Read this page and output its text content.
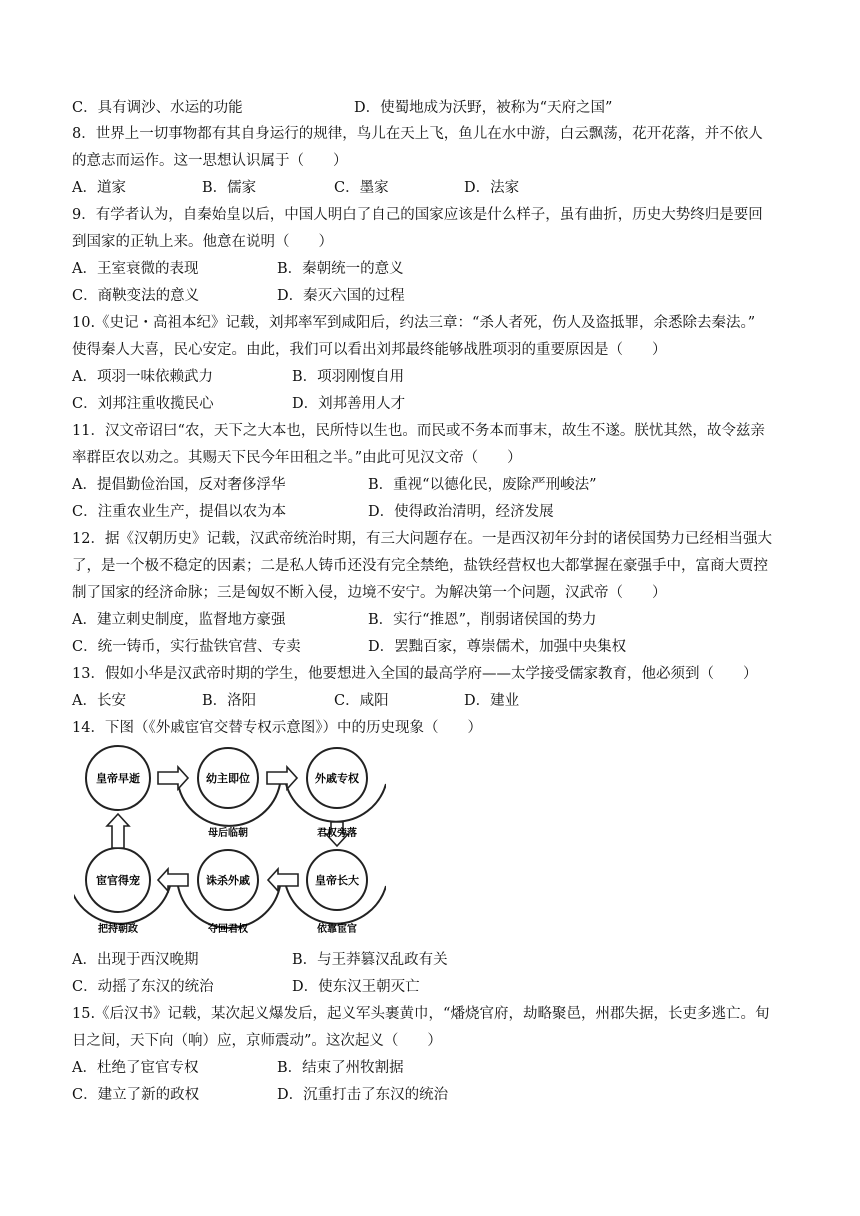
C．具有调沙、水运的功能	D．使蜀地成为沃野，被称为“天府之国”
8．世界上一切事物都有其自身运行的规律，鸟儿在天上飞，鱼儿在水中游，白云飘荡，花开花落，并不依人
的意志而运作。这一思想认识属于（　　）
A．道家	B．儒家	C．墨家	D．法家
9．有学者认为，自秦始皇以后，中国人明白了自己的国家应该是什么样子，虽有曲折，历史大势终归是要回
到国家的正轨上来。他意在说明（　　）
A．王室衰微的表现	B．秦朝统一的意义
C．商鞅变法的意义	D．秦灭六国的过程
10.《史记・高祖本纪》记载，刘邦率军到咸阳后，约法三章：“杀人者死，伤人及盗抵罪，余悉除去秦法。”
使得秦人大喜，民心安定。由此，我们可以看出刘邦最终能够战胜项羽的重要原因是（　　）
A．项羽一味依赖武力	B．项羽刚愎自用
C．刘邦注重收揽民心	D．刘邦善用人才
11．汉文帝诏曰“农，天下之大本也，民所恃以生也。而民或不务本而事末，故生不遂。朕忧其然，故令兹亲
率群臣农以劝之。其赐天下民今年田租之半。”由此可见汉文帝（　　）
A．提倡勤俭治国，反对奢侈浮华	B．重视“以德化民，废除严刑峻法”
C．注重农业生产，提倡以农为本	D．使得政治清明，经济发展
12．据《汉朝历史》记载，汉武帝统治时期，有三大问题存在。一是西汉初年分封的诸侯国势力已经相当强大
了，是一个极不稳定的因素；二是私人铸币还没有完全禁绝，盐铁经营权也大都掌握在豪强手中，富商大贾控
制了国家的经济命脉；三是匈奴不断入侵，边境不安宁。为解决第一个问题，汉武帝（　　）
A．建立刺史制度，监督地方豪强	B．实行“推恩”，削弱诸侯国的势力
C．统一铸币，实行盐铁官营、专卖	D．罢黜百家，尊崇儒术，加强中央集权
13．假如小华是汉武帝时期的学生，他要想进入全国的最高学府——太学接受儒家教育，他必须到（　　）
A．长安	B．洛阳	C．咸阳	D．建业
14．下图（《外戚宦官交替专权示意图》）中的历史现象（　　）
皇帝早逝	幼主即位	外戚专权
皇帝长大
诛杀外戚
宦官得宠
母后临朝	君权旁落
依靠宦官
夺回君权
把持朝政
A．出现于西汉晚期	B．与王莽篡汉乱政有关
C．动摇了东汉的统治	D．使东汉王朝灭亡
15.《后汉书》记载，某次起义爆发后，起义军头裹黄巾，“燔烧官府，劫略聚邑，州郡失据，长吏多逃亡。旬
日之间，天下向（响）应，京师震动”。这次起义（　　）
A．杜绝了宦官专权	B．结束了州牧割据
C．建立了新的政权	D．沉重打击了东汉的统治
